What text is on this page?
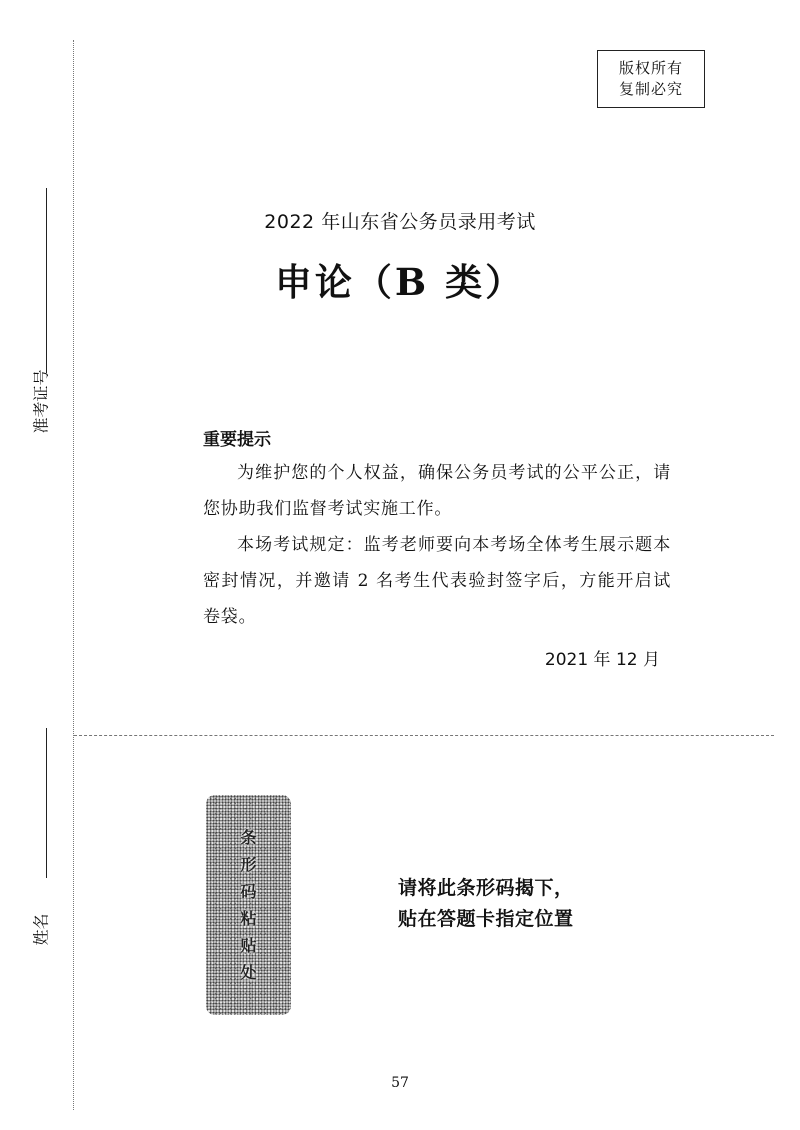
准考证号
姓名
版权所有
复制必究
2022 年山东省公务员录用考试
申论（B 类）
重要提示
为维护您的个人权益，确保公务员考试的公平公正，请您协助我们监督考试实施工作。
本场考试规定：监考老师要向本考场全体考生展示题本密封情况，并邀请 2 名考生代表验封签字后，方能开启试卷袋。
2021 年 12 月
条
形
码
粘
贴
处
请将此条形码揭下，
贴在答题卡指定位置
57
